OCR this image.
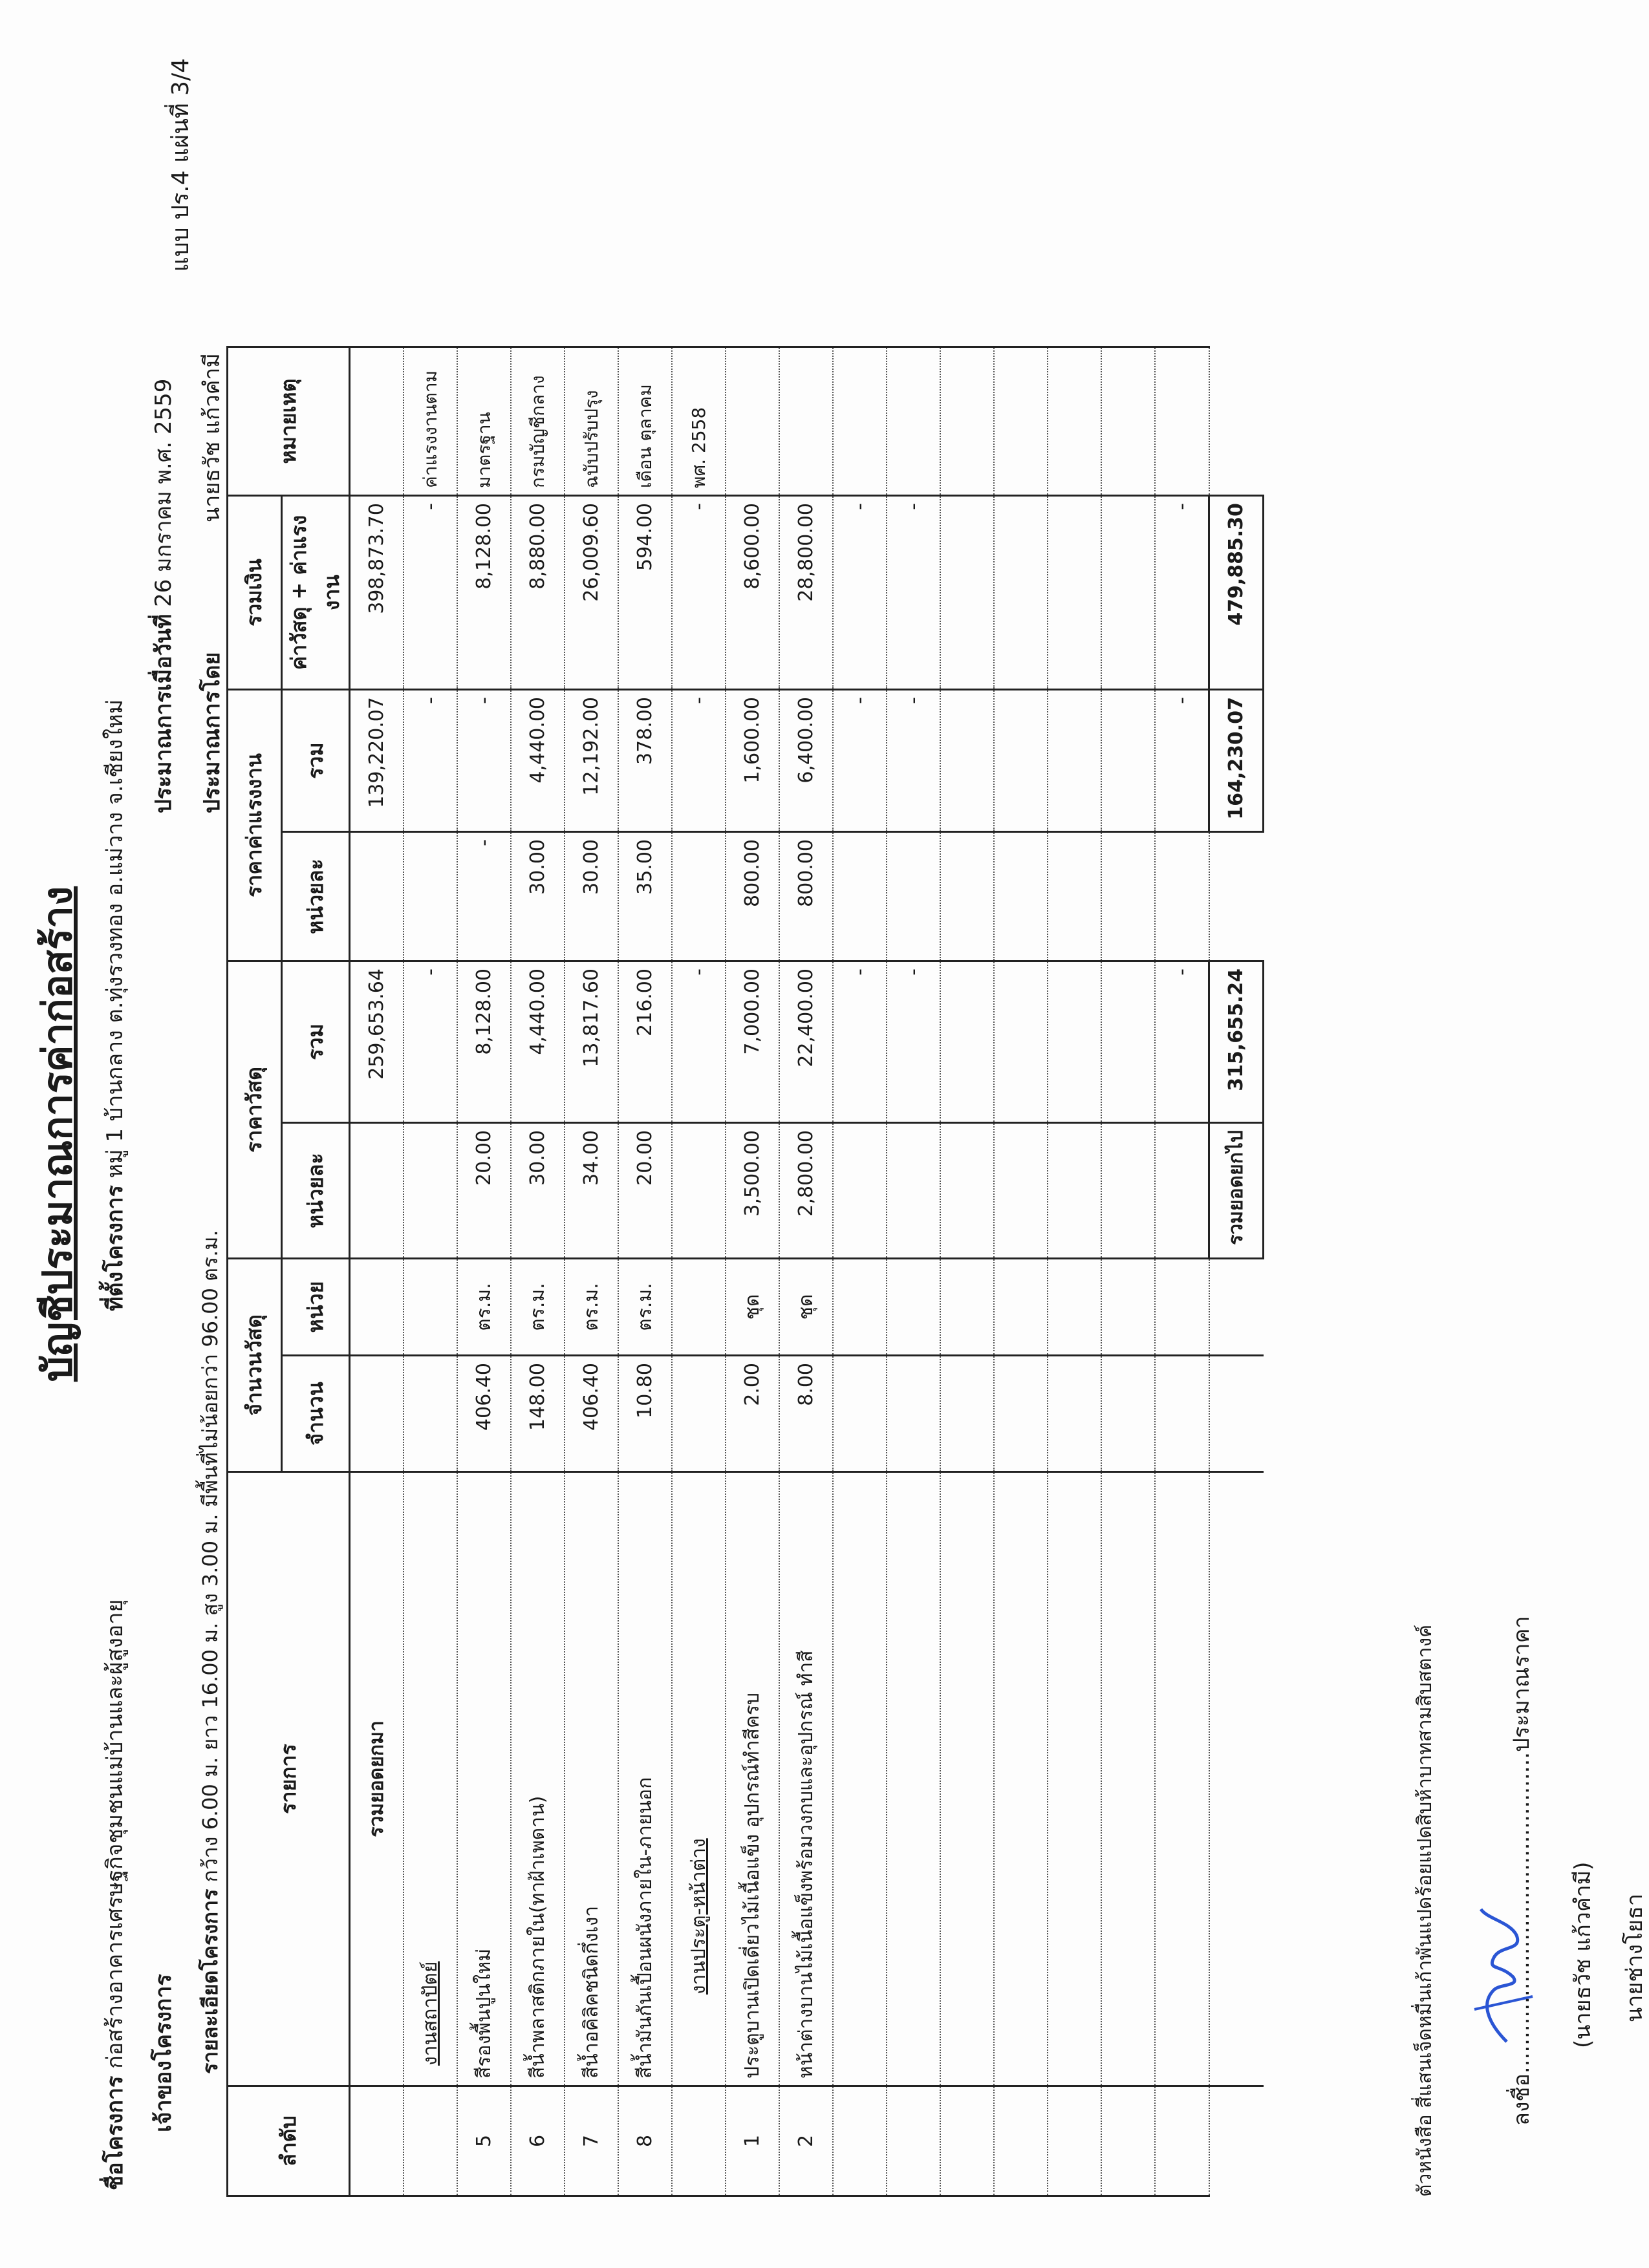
แบบ ปร.4 แผ่นที่ 3/4
บัญชีประมาณการค่าก่อสร้าง
ชื่อโครงการ ก่อสร้างอาคารเศรษฐกิจชุมชนแม่บ้านและผู้สูงอายุ
ที่ตั้งโครงการ หมู่ 1 บ้านกลาง ต.ทุ่งรวงทอง อ.แม่วาง จ.เชียงใหม่
เจ้าของโครงการ
ประมาณการเมื่อวันที่ 26 มกราคม พ.ศ. 2559
รายละเอียดโครงการ กว้าง 6.00 ม. ยาว 16.00 ม. สูง 3.00 ม. มีพื้นที่ไม่น้อยกว่า 96.00 ตร.ม.
ประมาณการโดย
นายธวัช แก้วคำมี
ลำดับ	รายการ	จำนวนวัสดุ		ราคาวัสดุ		ราคาค่าแรงงาน		รวมเงิน	หมายเหตุ
		จำนวน	หน่วย	หน่วยละ	รวม	หน่วยละ	รวม	ค่าวัสดุ + ค่าแรงงาน	
	รวมยอดยกมา				259,653.64		139,220.07	398,873.70	
	งานสถาปัตย์				-		-	-	ค่าแรงงานตาม
5	สีรองพื้นปูนใหม่	406.40	ตร.ม.	20.00	8,128.00	-	-	8,128.00	มาตรฐาน
6	สีน้ำพลาสติกภายใน(ทาฝ้าเพดาน)	148.00	ตร.ม.	30.00	4,440.00	30.00	4,440.00	8,880.00	กรมบัญชีกลาง
7	สีน้ำอคิลิคชนิดกึ่งเงา	406.40	ตร.ม.	34.00	13,817.60	30.00	12,192.00	26,009.60	ฉบับปรับปรุง
8	สีน้ำมันกันเปื้อนผนังภายใน-ภายนอก	10.80	ตร.ม.	20.00	216.00	35.00	378.00	594.00	เดือน ตุลาคม
	งานประตู-หน้าต่าง				-		-	-	พศ. 2558
1	ประตูบานเปิดเดี่ยวไม้เนื้อแข็ง อุปกรณ์ทำสีครบ	2.00	ชุด	3,500.00	7,000.00	800.00	1,600.00	8,600.00	
2	หน้าต่างบานไม้เนื้อแข็งพร้อมวงกบและอุปกรณ์ ทำสี	8.00	ชุด	2,800.00	22,400.00	800.00	6,400.00	28,800.00	
					-		-	-	
					-		-	-	

					-		-	-	
				รวมยอดยกไป	315,655.24		164,230.07	479,885.30	
ตัวหนังสือ สี่แสนเจ็ดหมื่นเก้าพันแปดร้อยแปดสิบห้าบาทสามสิบสตางค์	ลงชื่อ..............................................ประมาณราคา (นายธวัช แก้วคำมี) นายช่างโยธา
